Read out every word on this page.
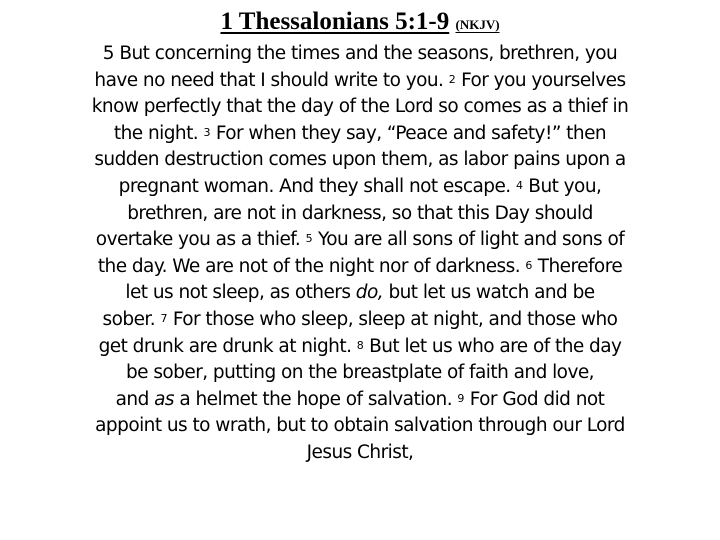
1 Thessalonians 5:1-9 (NKJV)
5 But concerning the times and the seasons, brethren, you
have no need that I should write to you. $^2$ For you yourselves
know perfectly that the day of the Lord so comes as a thief in
the night. $^3$ For when they say, “Peace and safety!” then
sudden destruction comes upon them, as labor pains upon a
pregnant woman. And they shall not escape. $^4$ But you,
brethren, are not in darkness, so that this Day should
overtake you as a thief. $^5$ You are all sons of light and sons of
the day. We are not of the night nor of darkness. $^6$ Therefore
let us not sleep, as others do, but let us watch and be
sober. $^7$ For those who sleep, sleep at night, and those who
get drunk are drunk at night. $^8$ But let us who are of the day
be sober, putting on the breastplate of faith and love,
and as a helmet the hope of salvation. $^9$ For God did not
appoint us to wrath, but to obtain salvation through our Lord
Jesus Christ,
